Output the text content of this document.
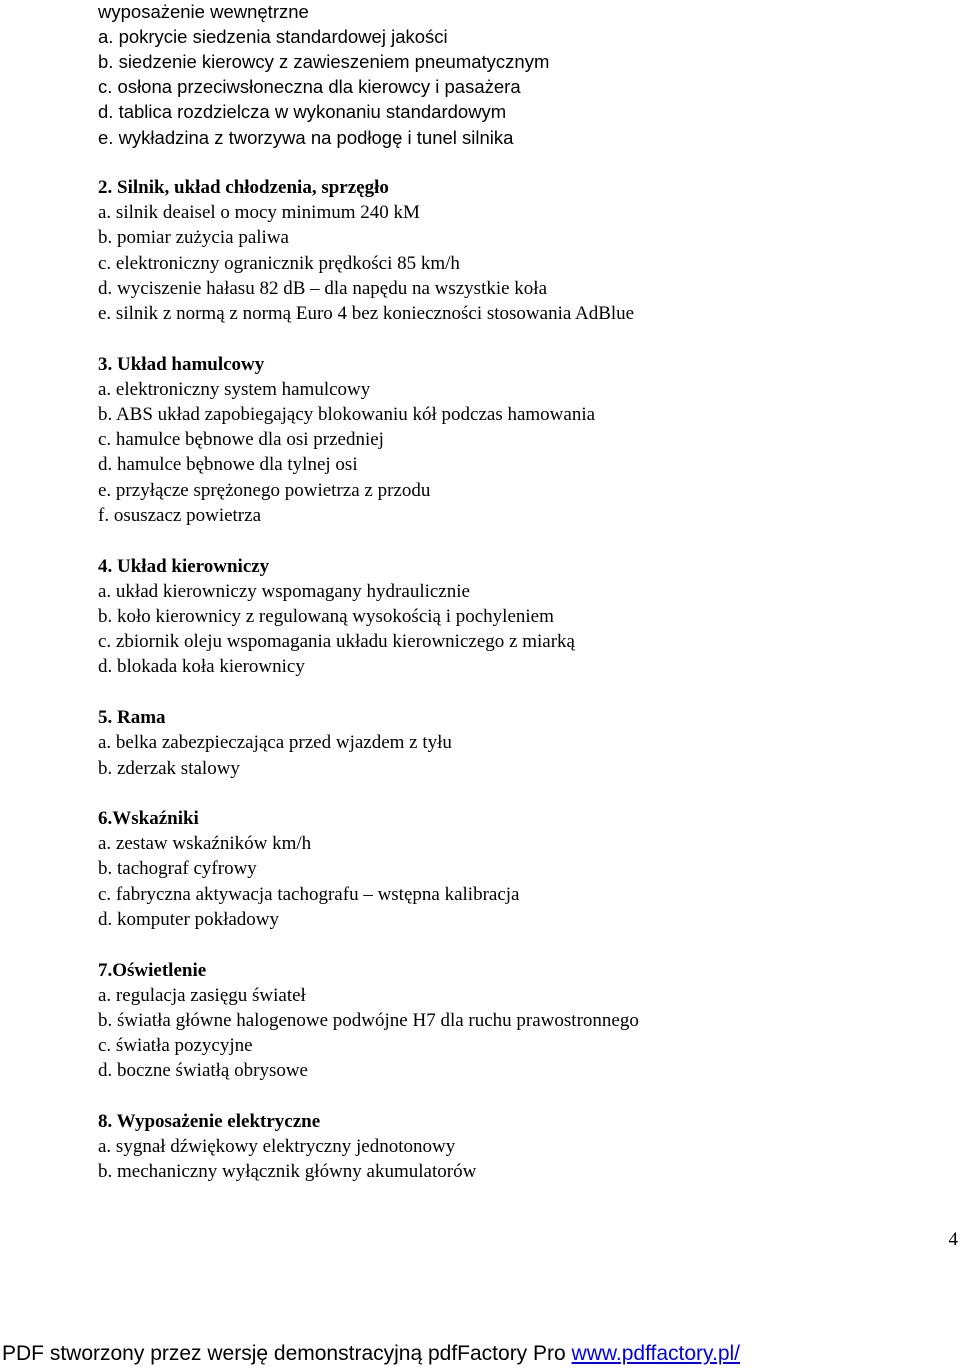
wyposażenie wewnętrzne
a. pokrycie siedzenia standardowej jakości
b. siedzenie kierowcy z zawieszeniem pneumatycznym
c. osłona przeciwsłoneczna dla kierowcy i pasażera
d. tablica rozdzielcza w wykonaniu standardowym
e. wykładzina z tworzywa na podłogę i tunel silnika
2. Silnik, układ chłodzenia, sprzęgło
a. silnik deaisel o mocy minimum 240 kM
b. pomiar zużycia paliwa
c. elektroniczny ogranicznik prędkości 85 km/h
d. wyciszenie hałasu 82 dB – dla napędu na wszystkie koła
e. silnik z normą z normą Euro 4 bez konieczności stosowania AdBlue
3. Układ hamulcowy
a. elektroniczny system hamulcowy
b. ABS układ zapobiegający blokowaniu kół podczas hamowania
c. hamulce bębnowe dla osi przedniej
d. hamulce bębnowe dla tylnej osi
e. przyłącze sprężonego powietrza z przodu
f. osuszacz powietrza
4. Układ kierowniczy
a. układ kierowniczy wspomagany hydraulicznie
b. koło kierownicy z regulowaną wysokością i pochyleniem
c. zbiornik oleju wspomagania układu kierowniczego z miarką
d. blokada koła kierownicy
5. Rama
a. belka zabezpieczająca przed wjazdem z tyłu
b. zderzak stalowy
6.Wskaźniki
a. zestaw wskaźników km/h
b. tachograf cyfrowy
c. fabryczna aktywacja tachografu – wstępna kalibracja
d. komputer pokładowy
7.Oświetlenie
a. regulacja zasięgu świateł
b. światła główne halogenowe podwójne H7 dla ruchu prawostronnego
c. światła pozycyjne
d. boczne światłą obrysowe
8. Wyposażenie elektryczne
a. sygnał dźwiękowy elektryczny jednotonowy
b. mechaniczny wyłącznik główny akumulatorów
4
PDF stworzony przez wersję demonstracyjną pdfFactory Pro www.pdffactory.pl/
